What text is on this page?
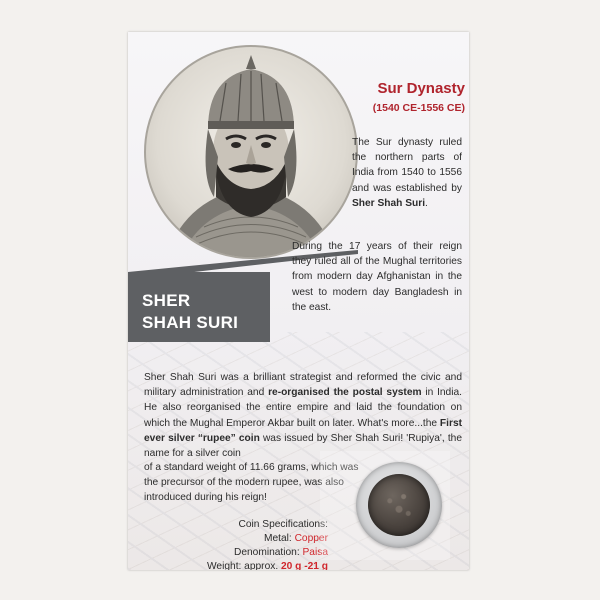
SHER
SHAH SURI
Sur Dynasty
(1540 CE-1556 CE)
The Sur dynasty ruled the northern parts of India from 1540 to 1556 and was established by Sher Shah Suri.
During the 17 years of their reign they ruled all of the Mughal territories from modern day Afghanistan in the west to modern day Bangladesh in the east.
Sher Shah Suri was a brilliant strategist and reformed the civic and military administration and re-organised the postal system in India. He also reorganised the entire empire and laid the foundation on which the Mughal Emperor Akbar built on later. What's more...the First ever silver “rupee” coin was issued by Sher Shah Suri! 'Rupiya', the name for a silver coin
of a standard weight of 11.66 grams, which was the precursor of the modern rupee, was also introduced during his reign!
Coin Specifications:
Metal: Copper
Denomination: Paisa
Weight: approx. 20 g -21 g
